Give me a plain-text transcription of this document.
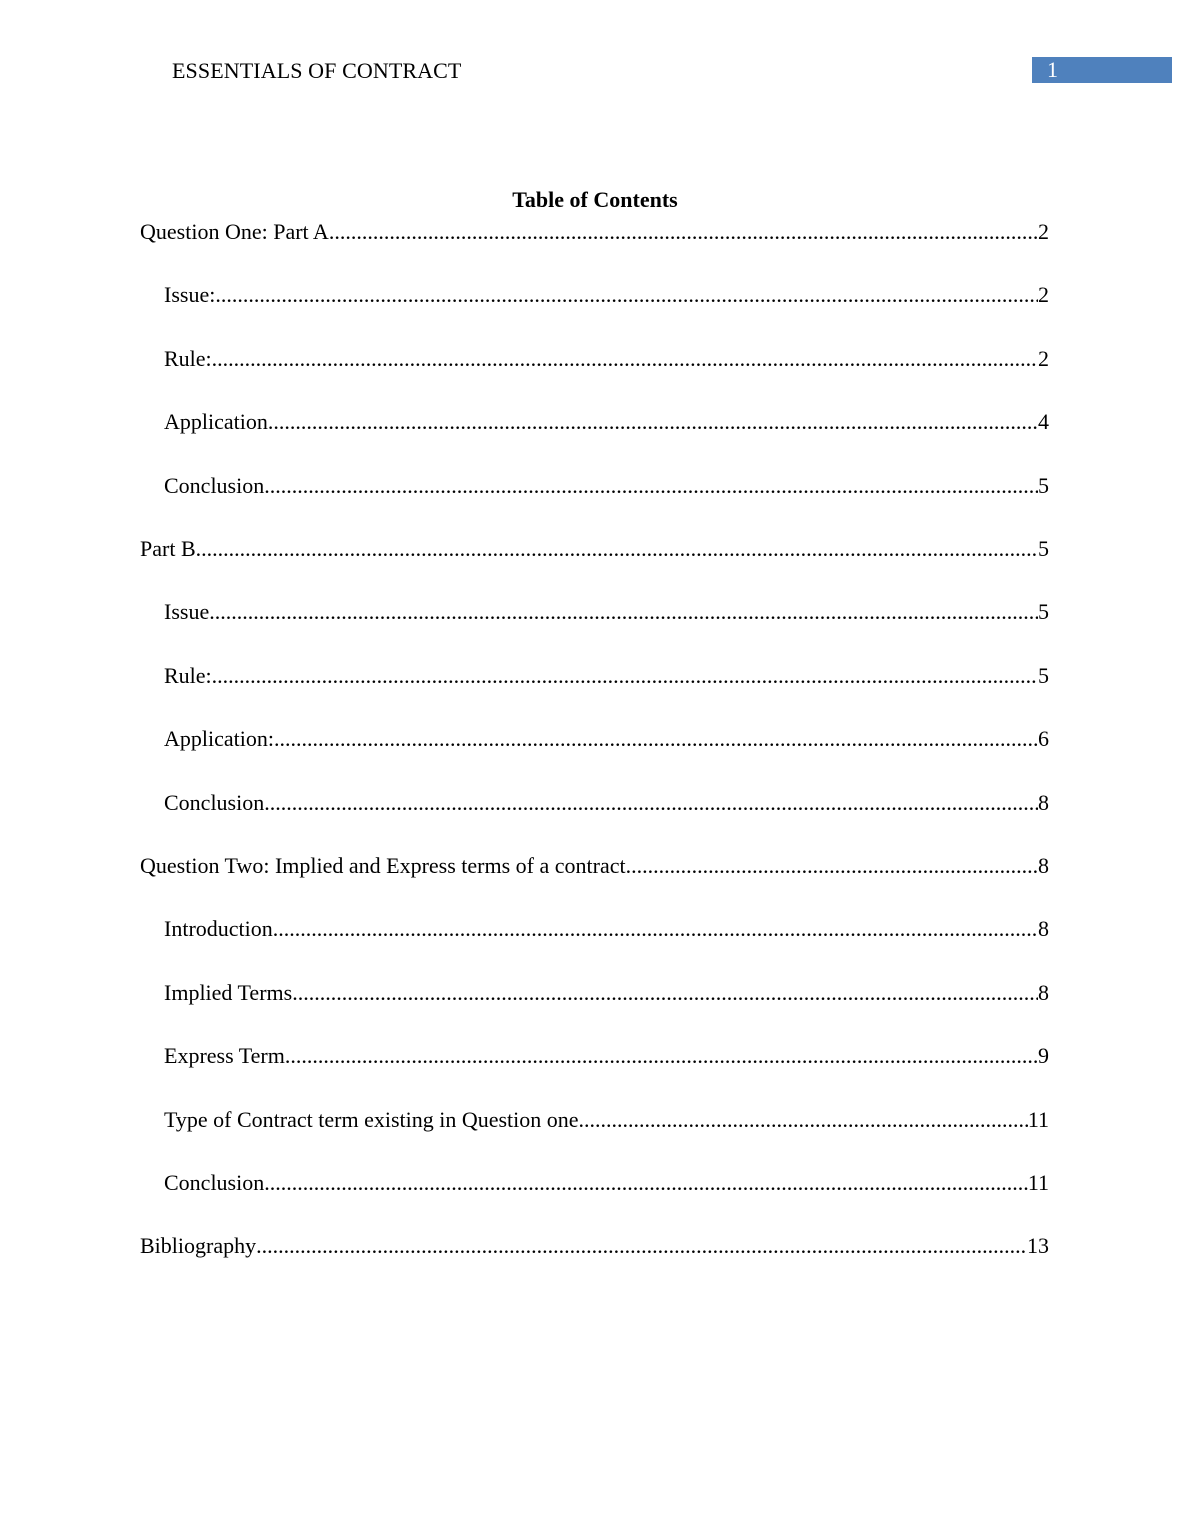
ESSENTIALS OF CONTRACT	1
Table of Contents
Question One: Part A .....	2
Issue: .....	2
Rule: .....	2
Application .....	4
Conclusion .....	5
Part B .....	5
Issue .....	5
Rule: .....	5
Application: .....	6
Conclusion .....	8
Question Two: Implied and Express terms of a contract .....	8
Introduction .....	8
Implied Terms .....	8
Express Term .....	9
Type of Contract term existing in Question one .....	11
Conclusion .....	11
Bibliography .....	13
